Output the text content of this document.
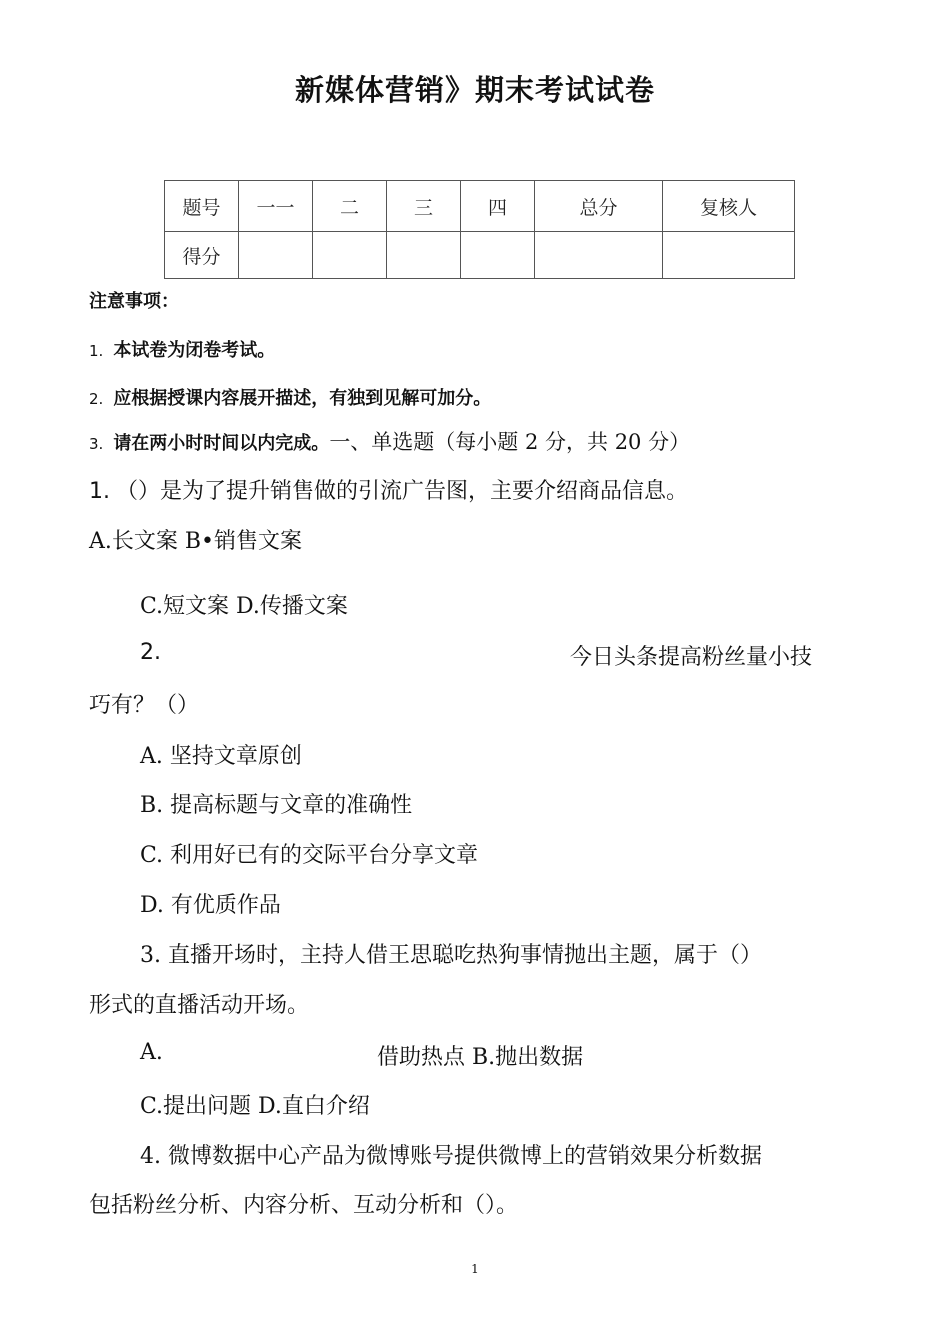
新媒体营销》期末考试试卷
题号	一一	二	三	四	总分	复核人
得分						
注意事项：
1. 本试卷为闭卷考试。
2. 应根据授课内容展开描述，有独到见解可加分。
3. 请在两小时时间以内完成。一、单选题（每小题 2 分，共 20 分）
1. （）是为了提升销售做的引流广告图，主要介绍商品信息。
A.长文案 B•销售文案
C.短文案 D.传播文案
2.	今日头条提高粉丝量小技
巧有？（）
A. 坚持文章原创
B. 提高标题与文章的准确性
C. 利用好已有的交际平台分享文章
D. 有优质作品
3. 直播开场时，主持人借王思聪吃热狗事情抛出主题，属于（）
形式的直播活动开场。
A.	借助热点 B.抛出数据
C.提出问题 D.直白介绍
4. 微博数据中心产品为微博账号提供微博上的营销效果分析数据
包括粉丝分析、内容分析、互动分析和（）。
1
